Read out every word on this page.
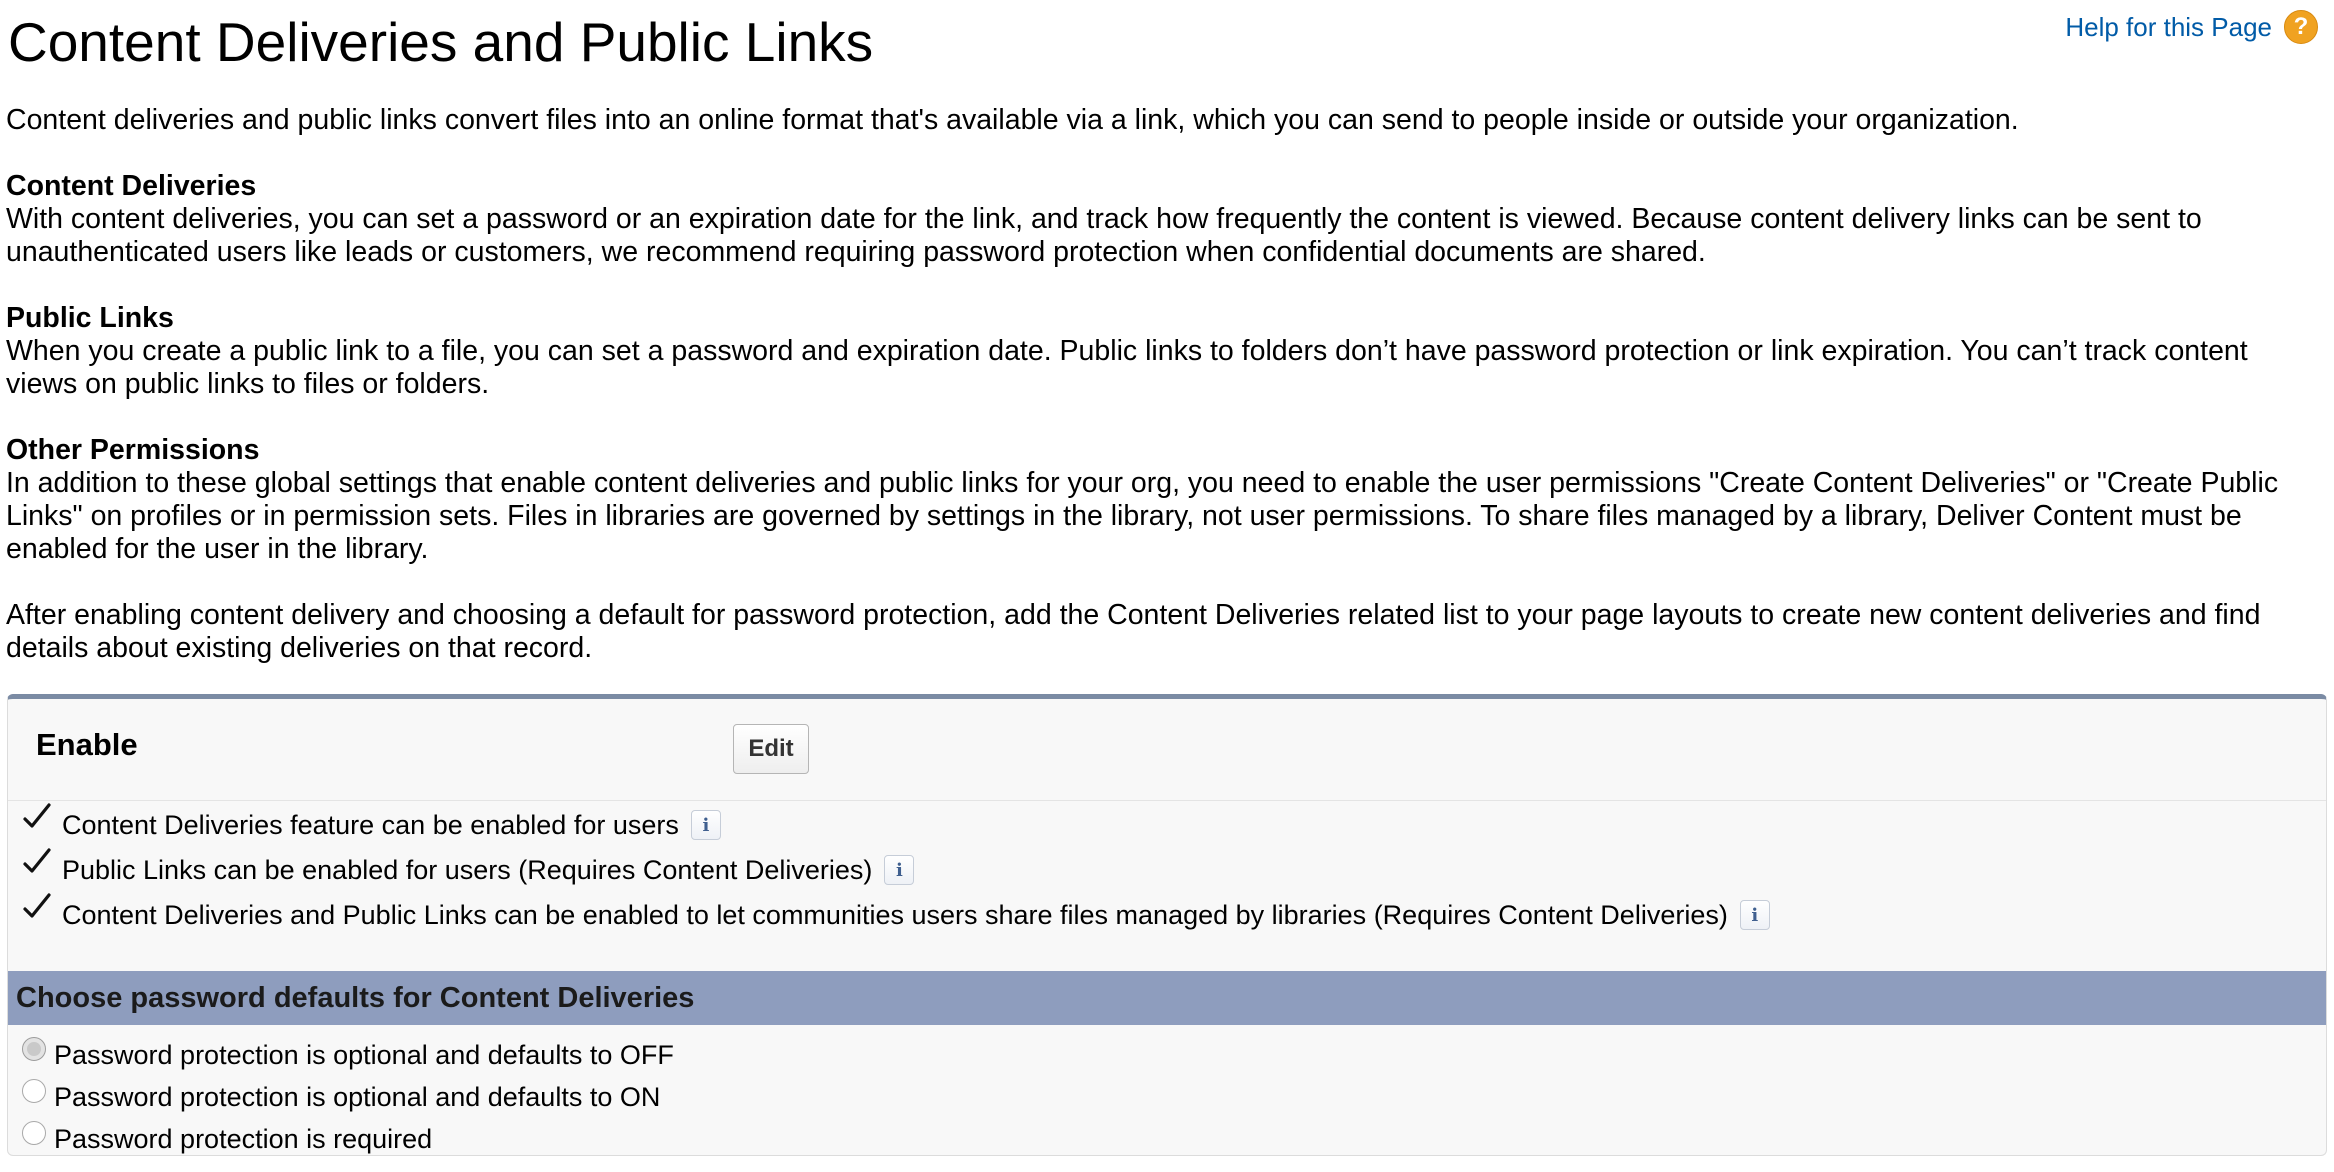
Content Deliveries and Public Links	Help for this Page ?

Content deliveries and public links convert files into an online format that's available via a link, which you can send to people inside or outside your organization.

Content Deliveries
With content deliveries, you can set a password or an expiration date for the link, and track how frequently the content is viewed. Because content delivery links can be sent to unauthenticated users like leads or customers, we recommend requiring password protection when confidential documents are shared.

Public Links
When you create a public link to a file, you can set a password and expiration date. Public links to folders don’t have password protection or link expiration. You can’t track content views on public links to files or folders.

Other Permissions
In addition to these global settings that enable content deliveries and public links for your org, you need to enable the user permissions "Create Content Deliveries" or "Create Public Links" on profiles or in permission sets. Files in libraries are governed by settings in the library, not user permissions. To share files managed by a library, Deliver Content must be enabled for the user in the library.

After enabling content delivery and choosing a default for password protection, add the Content Deliveries related list to your page layouts to create new content deliveries and find details about existing deliveries on that record.

Enable	Edit
Content Deliveries feature can be enabled for users	i
Public Links can be enabled for users (Requires Content Deliveries)	i
Content Deliveries and Public Links can be enabled to let communities users share files managed by libraries (Requires Content Deliveries)	i
Choose password defaults for Content Deliveries
Password protection is optional and defaults to OFF
Password protection is optional and defaults to ON
Password protection is required
